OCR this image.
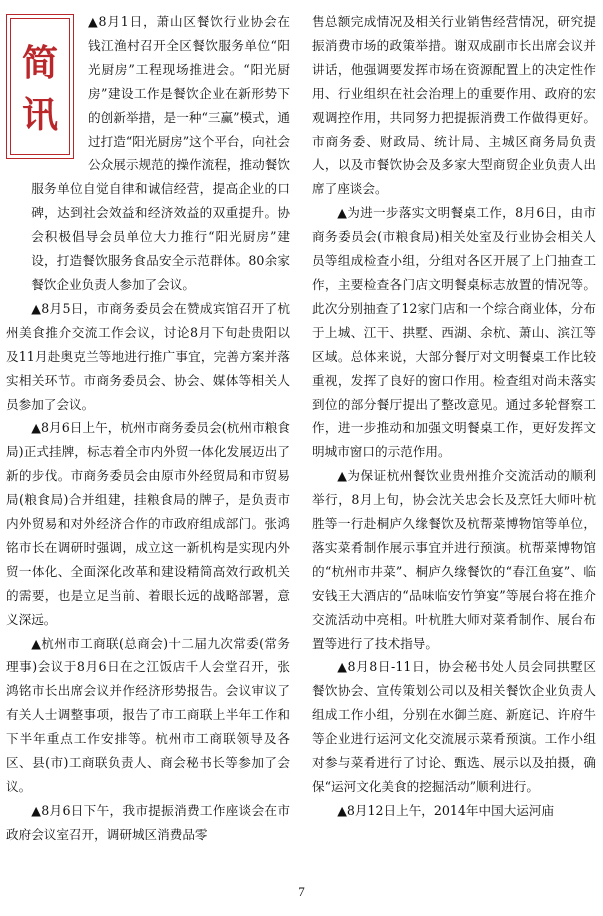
简
讯

▲8月1日，萧山区餐饮行业协会在钱江渔村召开全区餐饮服务单位“阳光厨房”工程现场推进会。“阳光厨房”建设工作是餐饮企业在新形势下的创新举措，是一种“三赢”模式，通过打造“阳光厨房”这个平台，向社会公众展示规范的操作流程，推动餐饮服务单位自觉自律和诚信经营，提高企业的口碑，达到社会效益和经济效益的双重提升。协会积极倡导会员单位大力推行“阳光厨房”建设，打造餐饮服务食品安全示范群体。80余家餐饮企业负责人参加了会议。

▲8月5日，市商务委员会在赞成宾馆召开了杭州美食推介交流工作会议，讨论8月下旬赴贵阳以及11月赴奥克兰等地进行推广事宜，完善方案并落实相关环节。市商务委员会、协会、媒体等相关人员参加了会议。

▲8月6日上午，杭州市商务委员会(杭州市粮食局)正式挂牌，标志着全市内外贸一体化发展迈出了新的步伐。市商务委员会由原市外经贸局和市贸易局(粮食局)合并组建，挂粮食局的牌子，是负责市内外贸易和对外经济合作的市政府组成部门。张鸿铭市长在调研时强调，成立这一新机构是实现内外贸一体化、全面深化改革和建设精简高效行政机关的需要，也是立足当前、着眼长远的战略部署，意义深远。

▲杭州市工商联(总商会)十二届九次常委(常务理事)会议于8月6日在之江饭店千人会堂召开，张鸿铭市长出席会议并作经济形势报告。会议审议了有关人士调整事项，报告了市工商联上半年工作和下半年重点工作安排等。杭州市工商联领导及各区、县(市)工商联负责人、商会秘书长等参加了会议。

▲8月6日下午，我市提振消费工作座谈会在市政府会议室召开，调研城区消费品零

售总额完成情况及相关行业销售经营情况，研究提振消费市场的政策举措。谢双成副市长出席会议并讲话，他强调要发挥市场在资源配置上的决定性作用、行业组织在社会治理上的重要作用、政府的宏观调控作用，共同努力把提振消费工作做得更好。市商务委、财政局、统计局、主城区商务局负责人，以及市餐饮协会及多家大型商贸企业负责人出席了座谈会。

▲为进一步落实文明餐桌工作，8月6日，由市商务委员会(市粮食局)相关处室及行业协会相关人员等组成检查小组，分组对各区开展了上门抽查工作，主要检查各门店文明餐桌标志放置的情况等。此次分别抽查了12家门店和一个综合商业体，分布于上城、江干、拱墅、西湖、余杭、萧山、滨江等区域。总体来说，大部分餐厅对文明餐桌工作比较重视，发挥了良好的窗口作用。检查组对尚未落实到位的部分餐厅提出了整改意见。通过多轮督察工作，进一步推动和加强文明餐桌工作，更好发挥文明城市窗口的示范作用。

▲为保证杭州餐饮业贵州推介交流活动的顺利举行，8月上旬，协会沈关忠会长及烹饪大师叶杭胜等一行赴桐庐久缘餐饮及杭帮菜博物馆等单位，落实菜肴制作展示事宜并进行预演。杭帮菜博物馆的“杭州市井菜”、桐庐久缘餐饮的“春江鱼宴”、临安钱王大酒店的“品味临安竹笋宴”等展台将在推介交流活动中亮相。叶杭胜大师对菜肴制作、展台布置等进行了技术指导。

▲8月8日-11日，协会秘书处人员会同拱墅区餐饮协会、宣传策划公司以及相关餐饮企业负责人组成工作小组，分别在水御兰庭、新庭记、许府牛等企业进行运河文化交流展示菜肴预演。工作小组对参与菜肴进行了讨论、甄选、展示以及拍摄，确保“运河文化美食的挖掘活动”顺利进行。

▲8月12日上午，2014年中国大运河庙

7
